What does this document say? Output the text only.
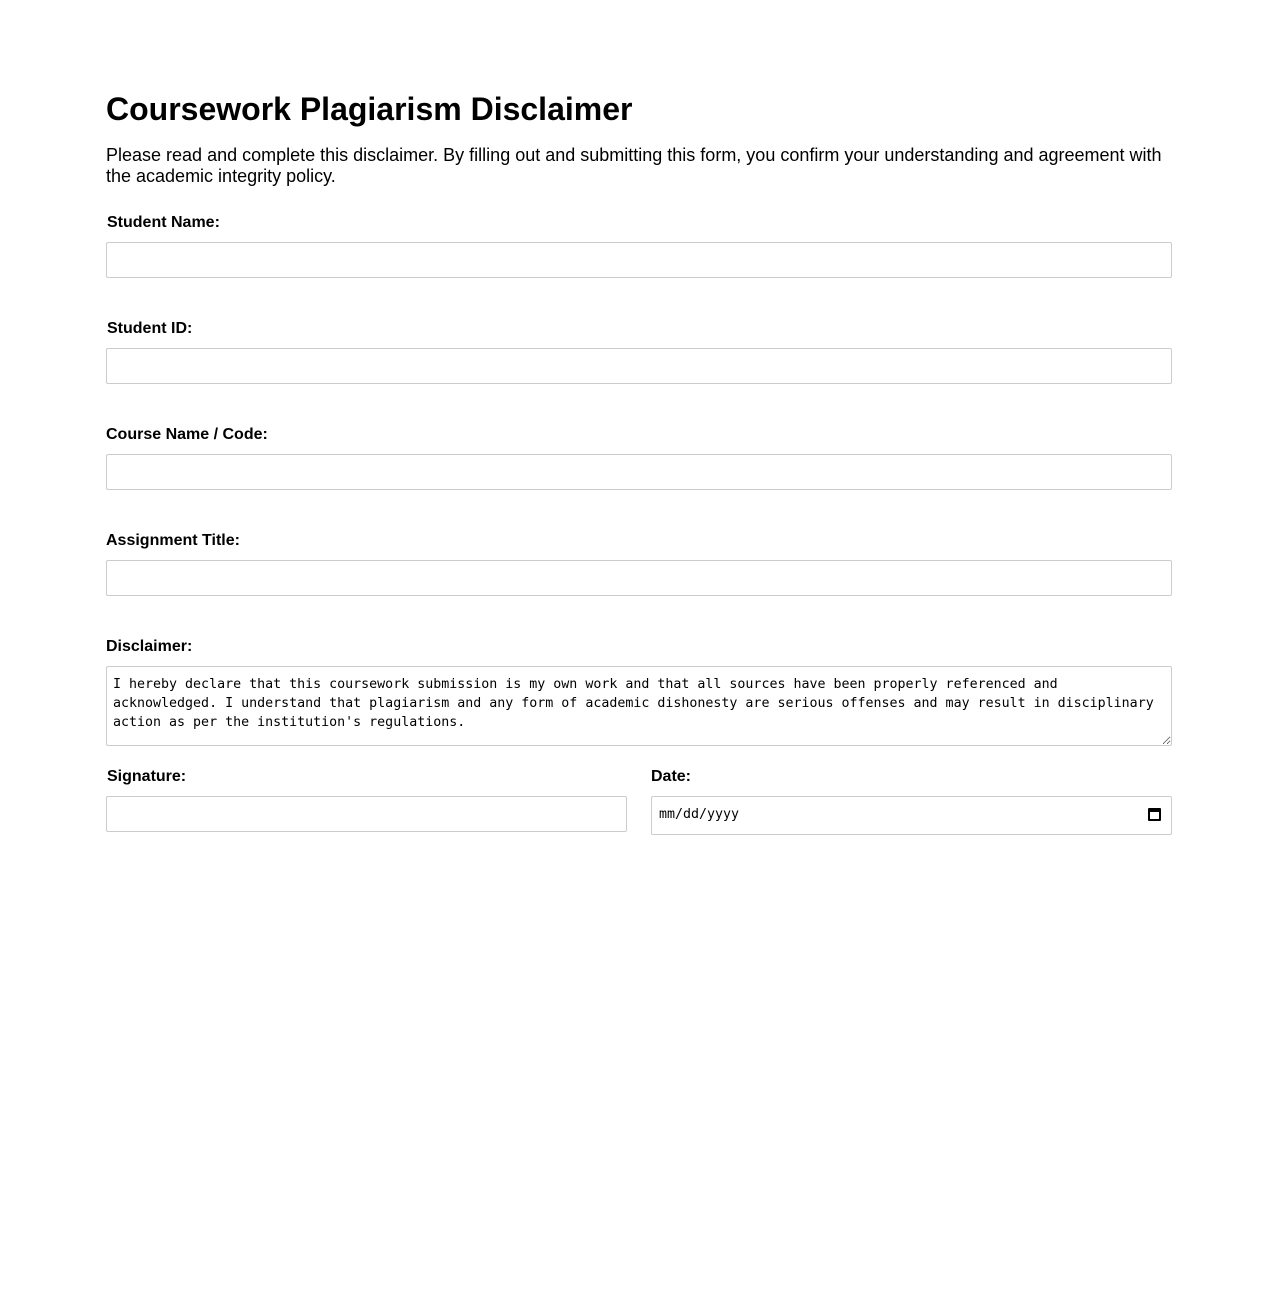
Coursework Plagiarism Disclaimer

Please read and complete this disclaimer. By filling out and submitting this form, you confirm your understanding and agreement with the academic integrity policy.

Student Name:
Student ID:
Course Name / Code:
Assignment Title:
Disclaimer:
I hereby declare that this coursework submission is my own work and that all sources have been properly referenced and acknowledged. I understand that plagiarism and any form of academic dishonesty are serious offenses and may result in disciplinary action as per the institution's regulations.
Signature:	Date:
mm/dd/yyyy
